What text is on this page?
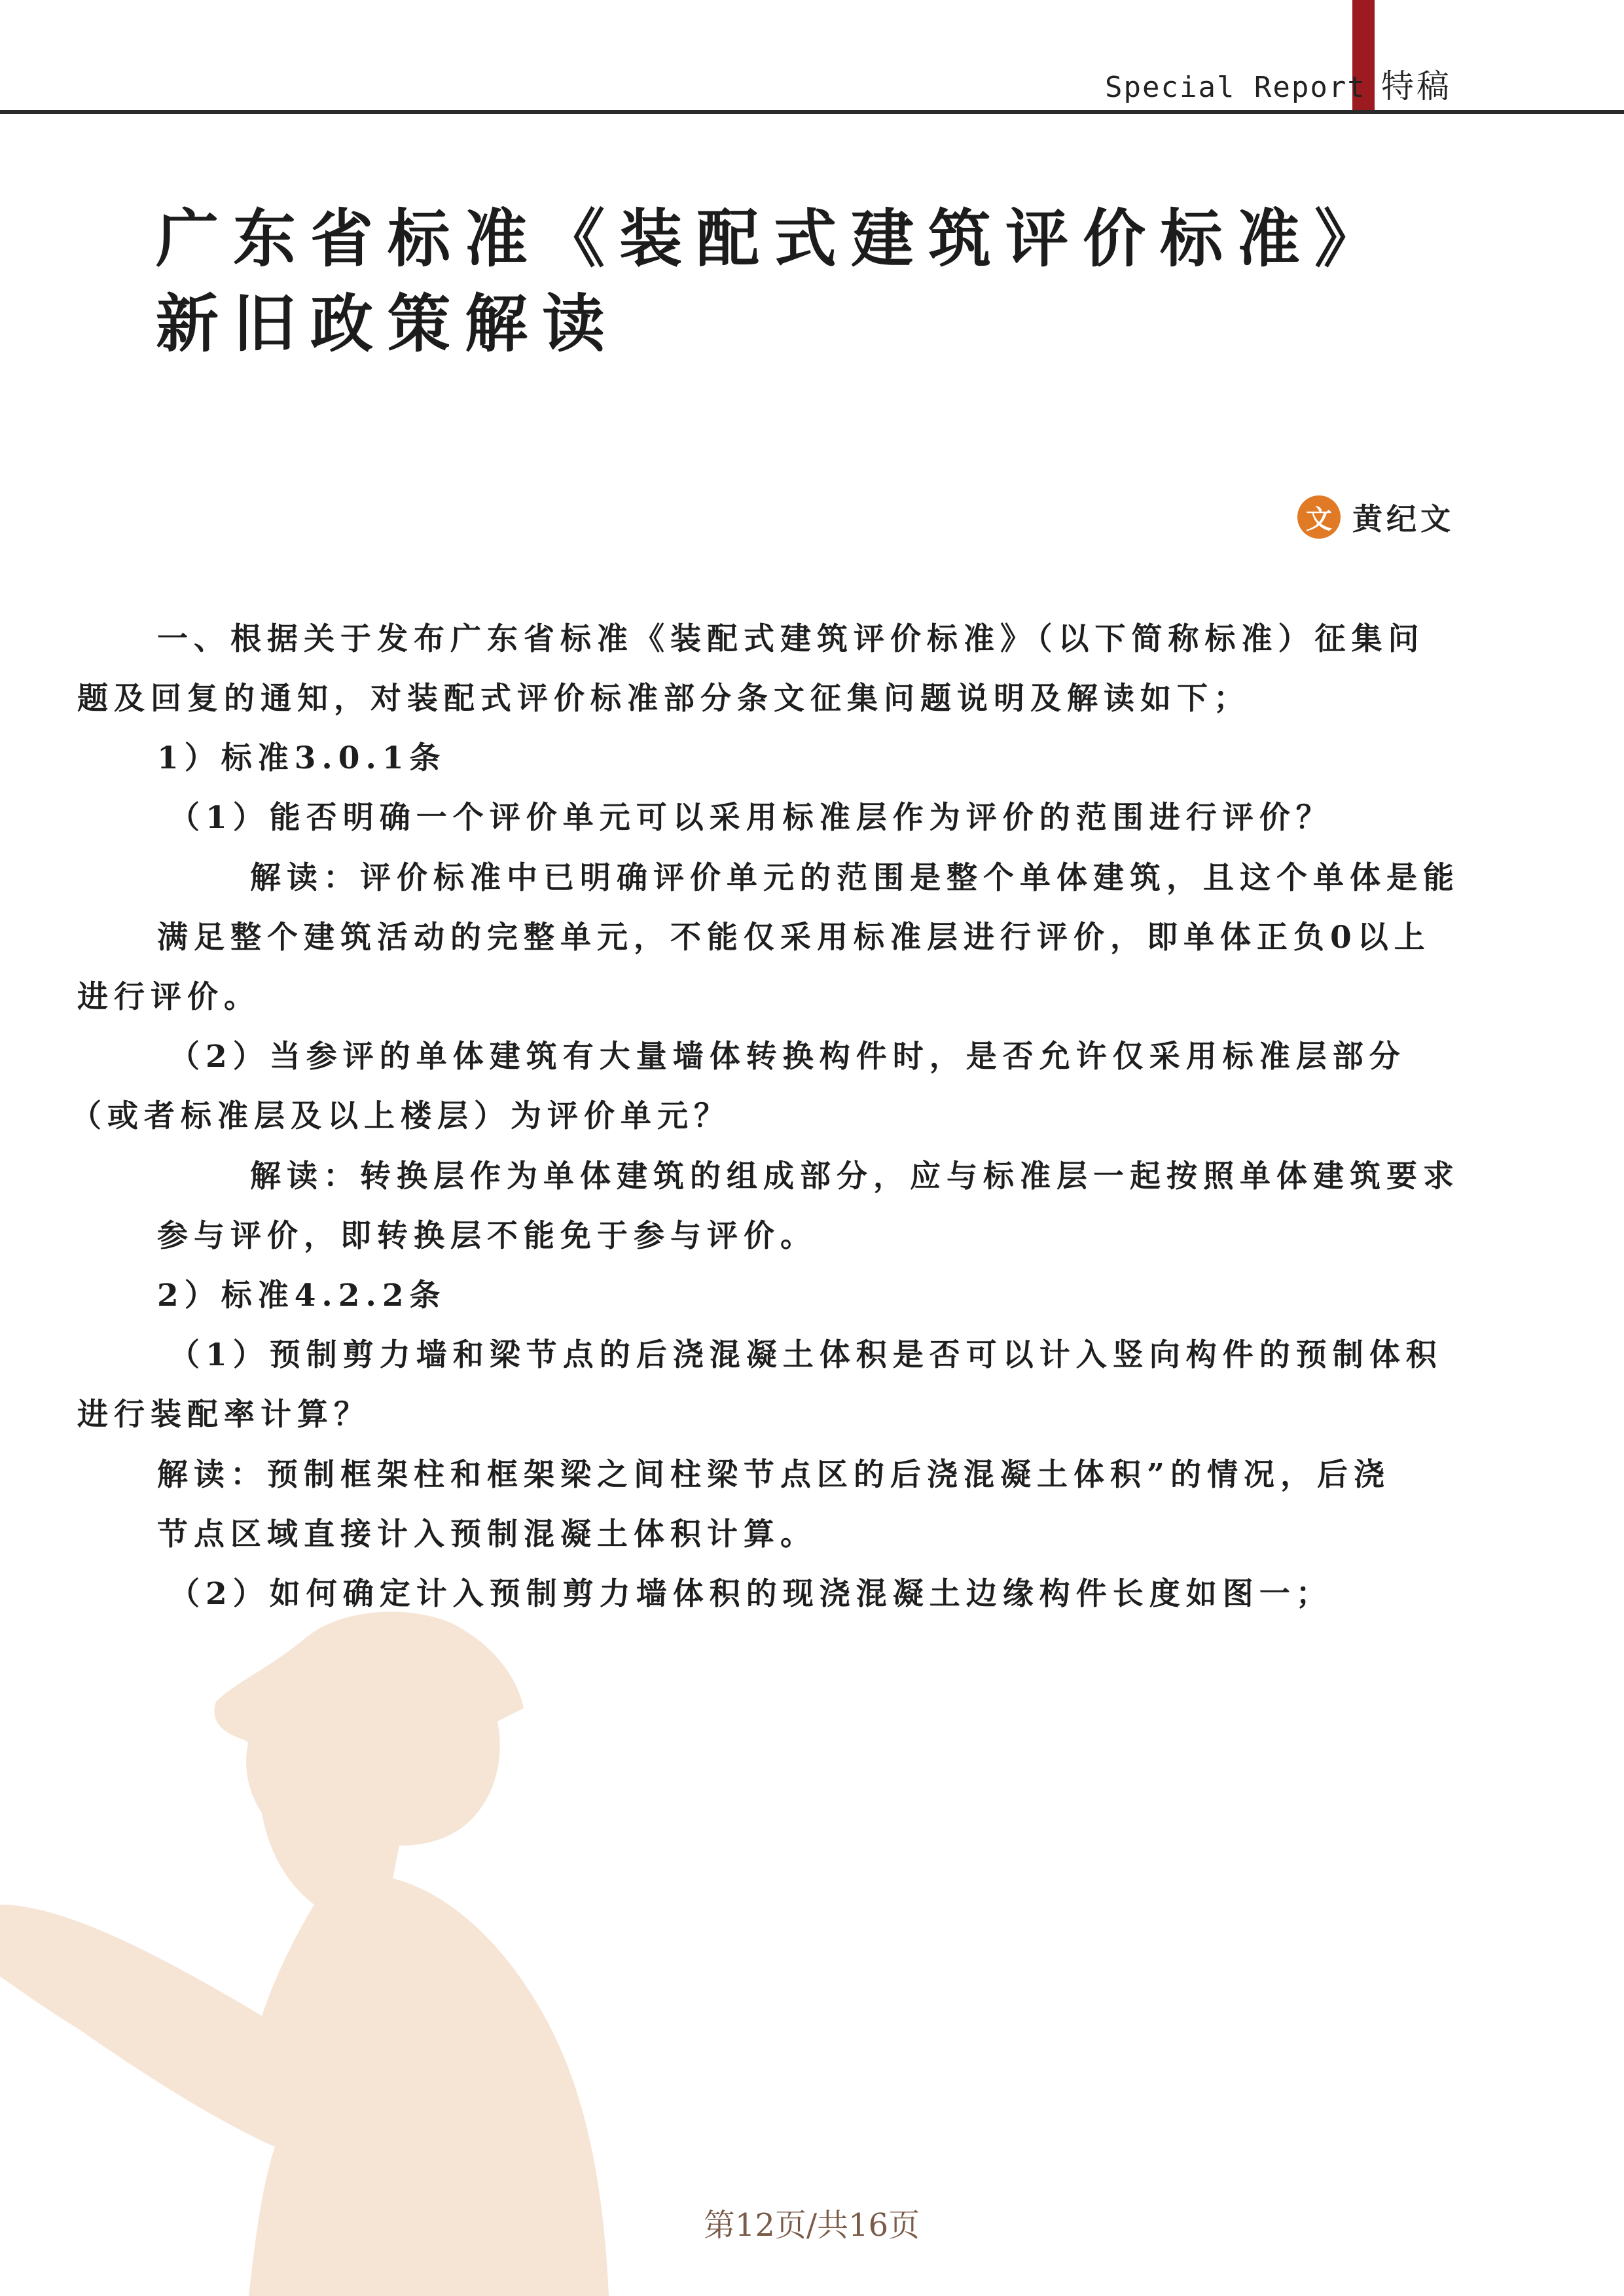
Special Report 特稿
广东省标准《装配式建筑评价标准》
新旧政策解读
文 黄纪文
一、根据关于发布广东省标准《装配式建筑评价标准》（以下简称标准）征集问
题及回复的通知，对装配式评价标准部分条文征集问题说明及解读如下；
1）标准3.0.1条
（1）能否明确一个评价单元可以采用标准层作为评价的范围进行评价？
解读：评价标准中已明确评价单元的范围是整个单体建筑，且这个单体是能
满足整个建筑活动的完整单元，不能仅采用标准层进行评价，即单体正负0以上
进行评价。
（2）当参评的单体建筑有大量墙体转换构件时，是否允许仅采用标准层部分
（或者标准层及以上楼层）为评价单元？
解读：转换层作为单体建筑的组成部分，应与标准层一起按照单体建筑要求
参与评价，即转换层不能免于参与评价。
2）标准4.2.2条
（1）预制剪力墙和梁节点的后浇混凝土体积是否可以计入竖向构件的预制体积
进行装配率计算？
解读：预制框架柱和框架梁之间柱梁节点区的后浇混凝土体积”的情况，后浇
节点区域直接计入预制混凝土体积计算。
（2）如何确定计入预制剪力墙体积的现浇混凝土边缘构件长度如图一；
第12页/共16页
